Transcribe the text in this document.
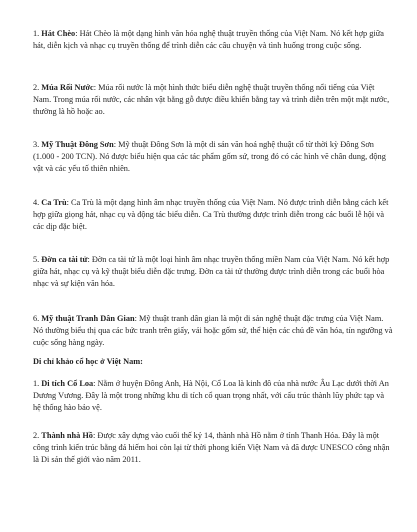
1. Hát Chèo: Hát Chèo là một dạng hình văn hóa nghệ thuật truyền thống của Việt Nam. Nó kết hợp giữa hát, diễn kịch và nhạc cụ truyền thống để trình diễn các câu chuyện và tình huống trong cuộc sống.

2. Múa Rối Nước: Múa rối nước là một hình thức biểu diễn nghệ thuật truyền thống nổi tiếng của Việt Nam. Trong múa rối nước, các nhân vật bằng gỗ được điều khiển bằng tay và trình diễn trên một mặt nước, thường là hồ hoặc ao.

3. Mỹ Thuật Đông Sơn: Mỹ thuật Đông Sơn là một di sản văn hoá nghệ thuật cổ từ thời kỳ Đông Sơn (1.000 - 200 TCN). Nó được biểu hiện qua các tác phẩm gốm sứ, trong đó có các hình vẽ chân dung, động vật và các yếu tố thiên nhiên.

4. Ca Trù: Ca Trù là một dạng hình âm nhạc truyền thống của Việt Nam. Nó được trình diễn bằng cách kết hợp giữa giọng hát, nhạc cụ và động tác biểu diễn. Ca Trù thường được trình diễn trong các buổi lễ hội và các dịp đặc biệt.

5. Đờn ca tài tử: Đờn ca tài tử là một loại hình âm nhạc truyền thống miền Nam của Việt Nam. Nó kết hợp giữa hát, nhạc cụ và kỹ thuật biểu diễn đặc trưng. Đờn ca tài tử thường được trình diễn trong các buổi hòa nhạc và sự kiện văn hóa.

6. Mỹ thuật Tranh Dân Gian: Mỹ thuật tranh dân gian là một di sản nghệ thuật đặc trưng của Việt Nam. Nó thường biểu thị qua các bức tranh trên giấy, vải hoặc gốm sứ, thể hiện các chủ đề văn hóa, tín ngưỡng và cuộc sống hàng ngày.

Di chỉ khảo cổ học ở Việt Nam:

1. Di tích Cổ Loa: Nằm ở huyện Đông Anh, Hà Nội, Cổ Loa là kinh đô của nhà nước Âu Lạc dưới thời An Dương Vương. Đây là một trong những khu di tích cổ quan trọng nhất, với cấu trúc thành lũy phức tạp và hệ thống hào bảo vệ.

2. Thành nhà Hồ: Được xây dựng vào cuối thế kỷ 14, thành nhà Hồ nằm ở tỉnh Thanh Hóa. Đây là một công trình kiến trúc bằng đá hiếm hoi còn lại từ thời phong kiến Việt Nam và đã được UNESCO công nhận là Di sản thế giới vào năm 2011.
